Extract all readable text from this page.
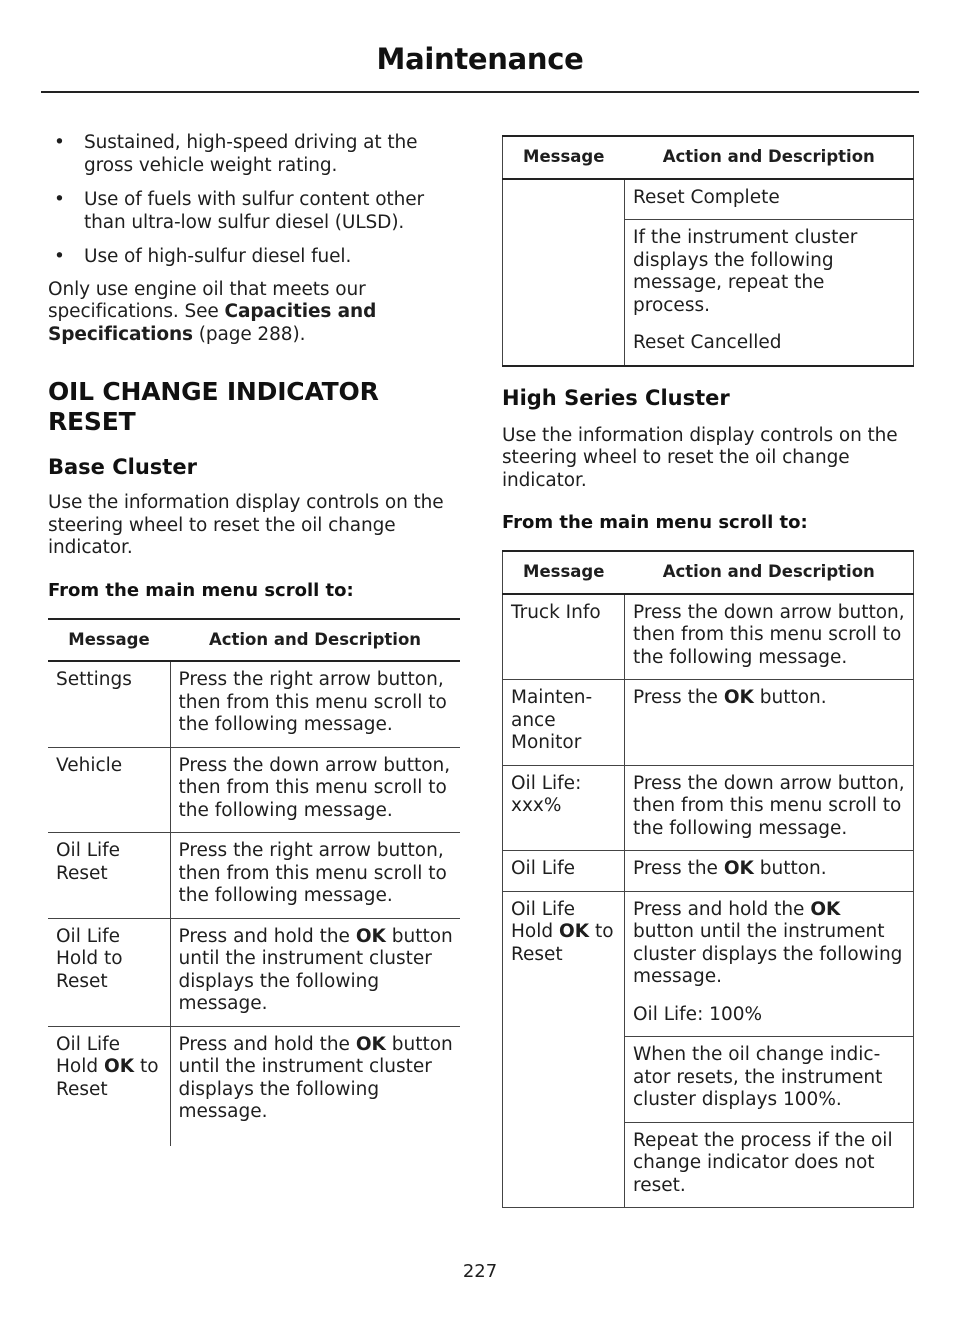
Maintenance
• Sustained, high-speed driving at the gross vehicle weight rating.
• Use of fuels with sulfur content other than ultra-low sulfur diesel (ULSD).
• Use of high-sulfur diesel fuel.

Only use engine oil that meets our specifications. See Capacities and Specifications (page 288).

OIL CHANGE INDICATOR
RESET
Base Cluster

Use the information display controls on the steering wheel to reset the oil change indicator.

From the main menu scroll to:
Message	Action and Description
Settings	Press the right arrow button, then from this menu scroll to the following message.
Vehicle	Press the down arrow button, then from this menu scroll to the following message.
Oil Life Reset	Press the right arrow button, then from this menu scroll to the following message.
Oil Life Hold to Reset	Press and hold the OK button until the instrument cluster displays the following message.
Oil Life Hold OK to Reset	Press and hold the OK button until the instrument cluster displays the following message.
Message	Action and Description
	Reset Complete

	If the instrument cluster displays the following message, repeat the process.
Reset Cancelled
High Series Cluster

Use the information display controls on the steering wheel to reset the oil change indicator.

From the main menu scroll to:
Message	Action and Description
Truck Info	Press the down arrow button, then from this menu scroll to the following message.
Mainten- ance Monitor	Press the OK button.
Oil Life: xxx%	Press the down arrow button, then from this menu scroll to the following message.
Oil Life	Press the OK button.
Oil Life Hold OK to Reset	Press and hold the OK button until the instrument cluster displays the following message.
Oil Life: 100%

	When the oil change indic- ator resets, the instrument cluster displays 100%.
	Repeat the process if the oil change indicator does not reset.
227
